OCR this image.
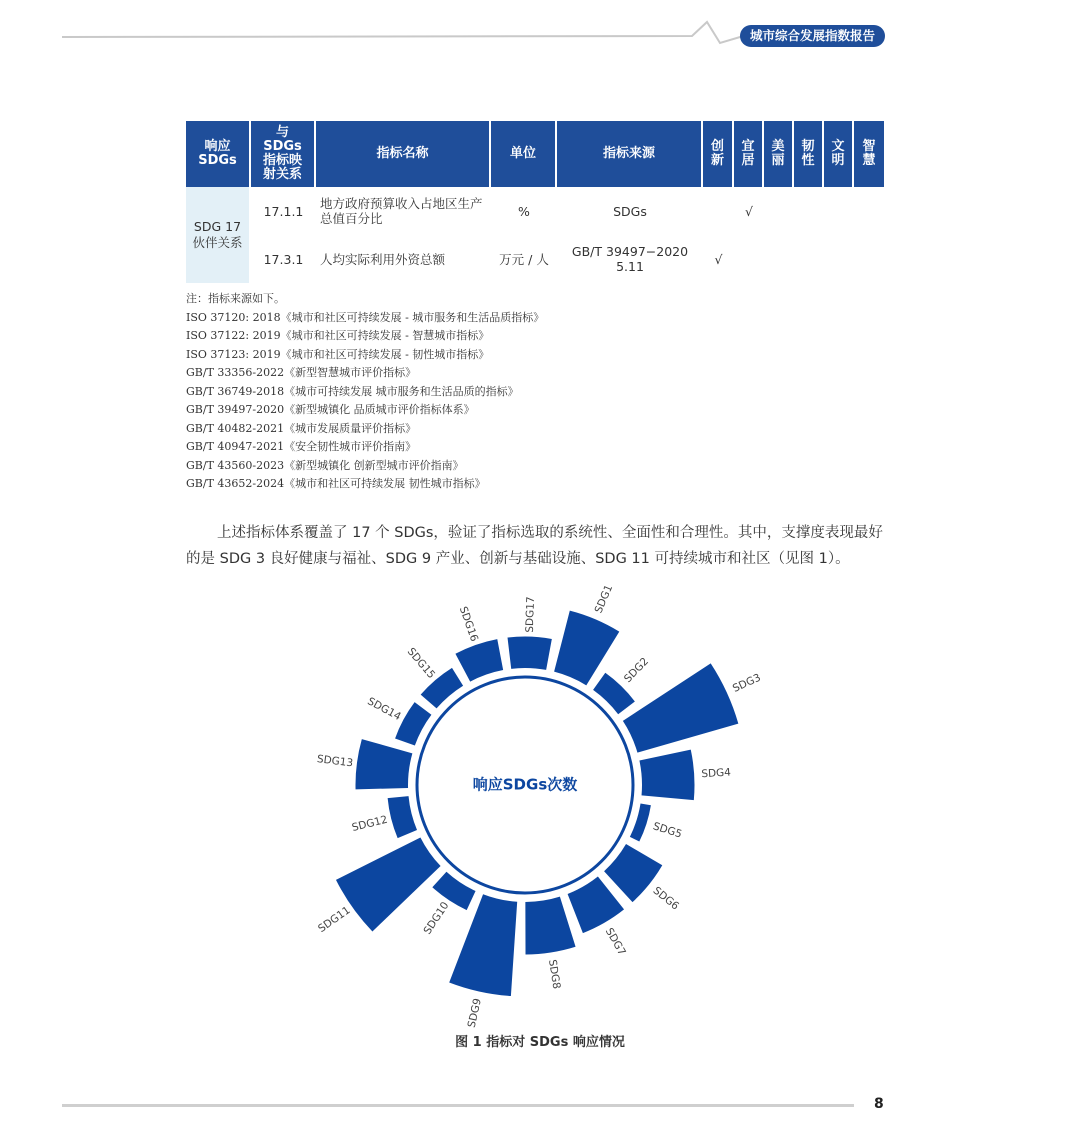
城市综合发展指数报告
响应SDGs	与SDGs指标映射关系	指标名称	单位	指标来源	创新	宜居	美丽	韧性	文明	智慧
SDG 17 伙伴关系	17.1.1	地方政府预算收入占地区生产总值百分比	%	SDGs		√				
	17.3.1	人均实际利用外资总额	万元 / 人	GB/T 39497−2020 5.11	√					
注：指标来源如下。
ISO 37120: 2018《城市和社区可持续发展 - 城市服务和生活品质指标》
ISO 37122: 2019《城市和社区可持续发展 - 智慧城市指标》
ISO 37123: 2019《城市和社区可持续发展 - 韧性城市指标》
GB/T 33356-2022《新型智慧城市评价指标》
GB/T 36749-2018《城市可持续发展 城市服务和生活品质的指标》
GB/T 39497-2020《新型城镇化 品质城市评价指标体系》
GB/T 40482-2021《城市发展质量评价指标》
GB/T 40947-2021《安全韧性城市评价指南》
GB/T 43560-2023《新型城镇化 创新型城市评价指南》
GB/T 43652-2024《城市和社区可持续发展 韧性城市指标》

上述指标体系覆盖了 17 个 SDGs，验证了指标选取的系统性、全面性和合理性。其中，支撑度表现最好的是 SDG 3 良好健康与福祉、SDG 9 产业、创新与基础设施、SDG 11 可持续城市和社区（见图 1）。

响应SDGs次数
SDG1
SDG2	SDG3
SDG4
SDG5
SDG6
SDG7
SDG8
SDG9
SDG10
SDG11
SDG12
SDG13
SDG14
SDG15
SDG16	SDG17
图 1 指标对 SDGs 响应情况
8
